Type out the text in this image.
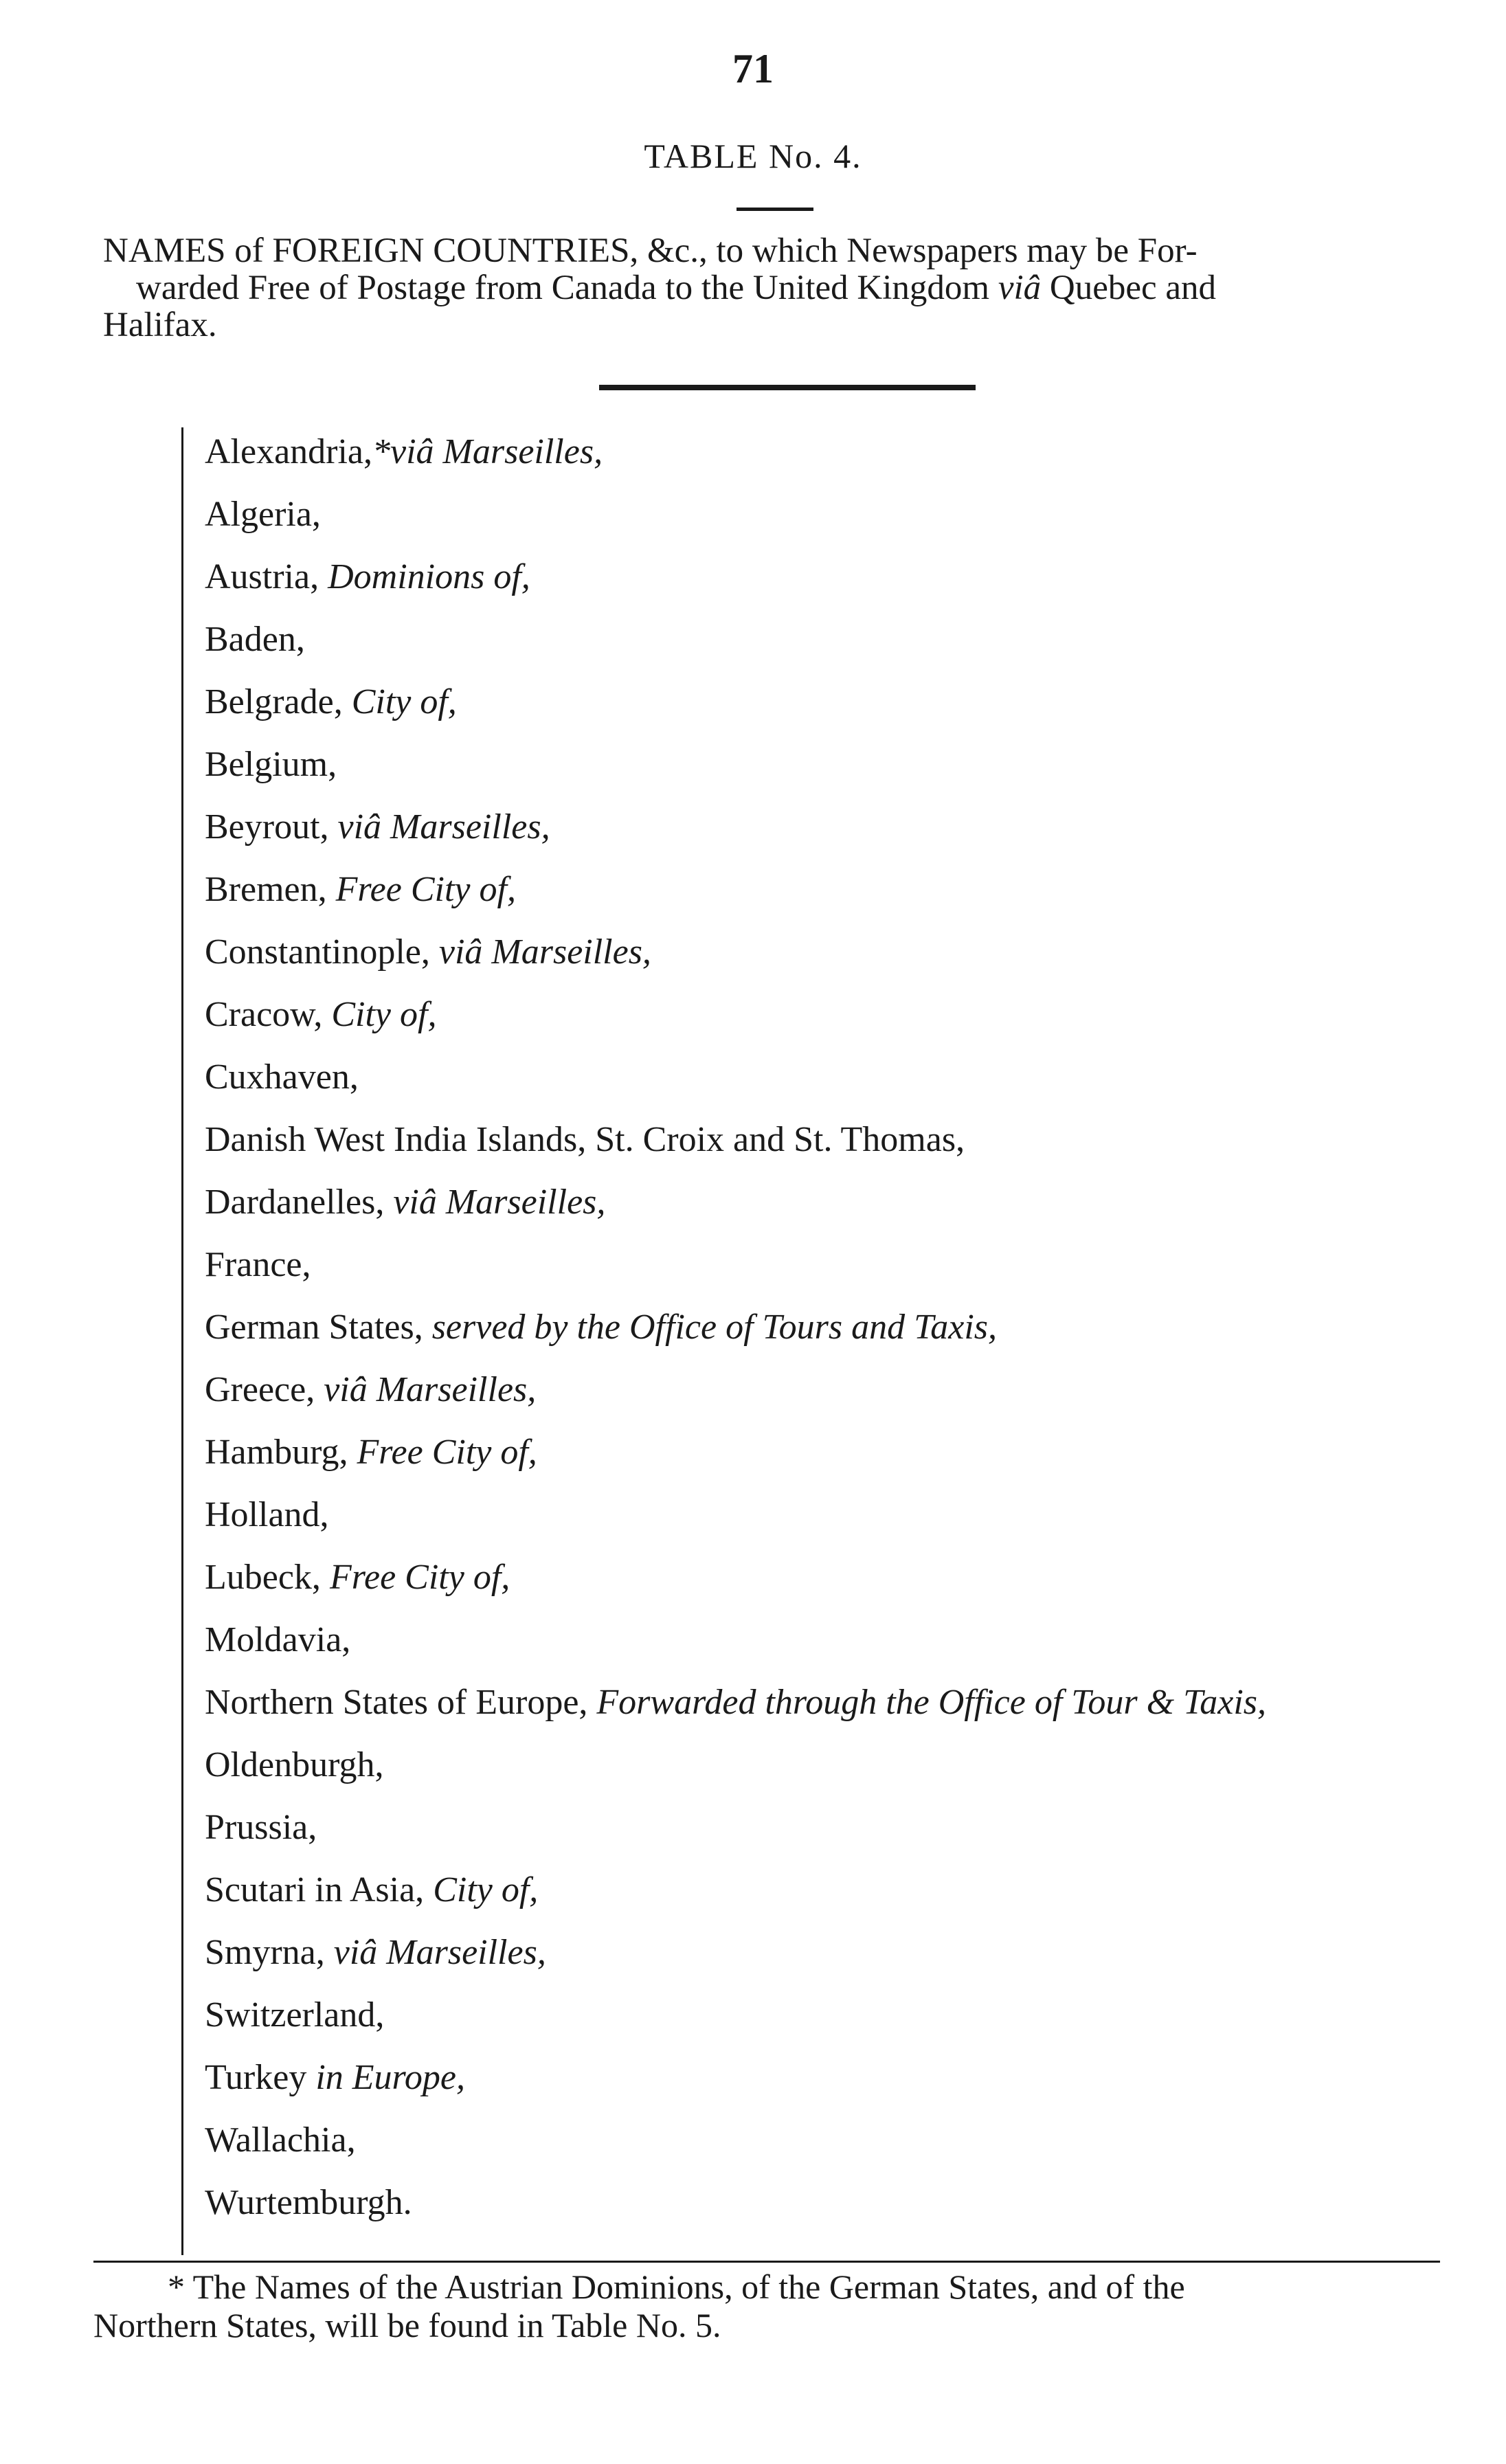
71
TABLE No. 4.
NAMES of FOREIGN COUNTRIES, &c., to which Newspapers may be For-
warded Free of Postage from Canada to the United Kingdom viâ Quebec and
Halifax.
Alexandria,*viâ Marseilles,
Algeria,
Austria, Dominions of,
Baden,
Belgrade, City of,
Belgium,
Beyrout, viâ Marseilles,
Bremen, Free City of,
Constantinople, viâ Marseilles,
Cracow, City of,
Cuxhaven,
Danish West India Islands, St. Croix and St. Thomas,
Dardanelles, viâ Marseilles,
France,
German States, served by the Office of Tours and Taxis,
Greece, viâ Marseilles,
Hamburg, Free City of,
Holland,
Lubeck, Free City of,
Moldavia,
Northern States of Europe, Forwarded through the Office of Tour & Taxis,
Oldenburgh,
Prussia,
Scutari in Asia, City of,
Smyrna, viâ Marseilles,
Switzerland,
Turkey in Europe,
Wallachia,
Wurtemburgh.
* The Names of the Austrian Dominions, of the German States, and of the
Northern States, will be found in Table No. 5.
